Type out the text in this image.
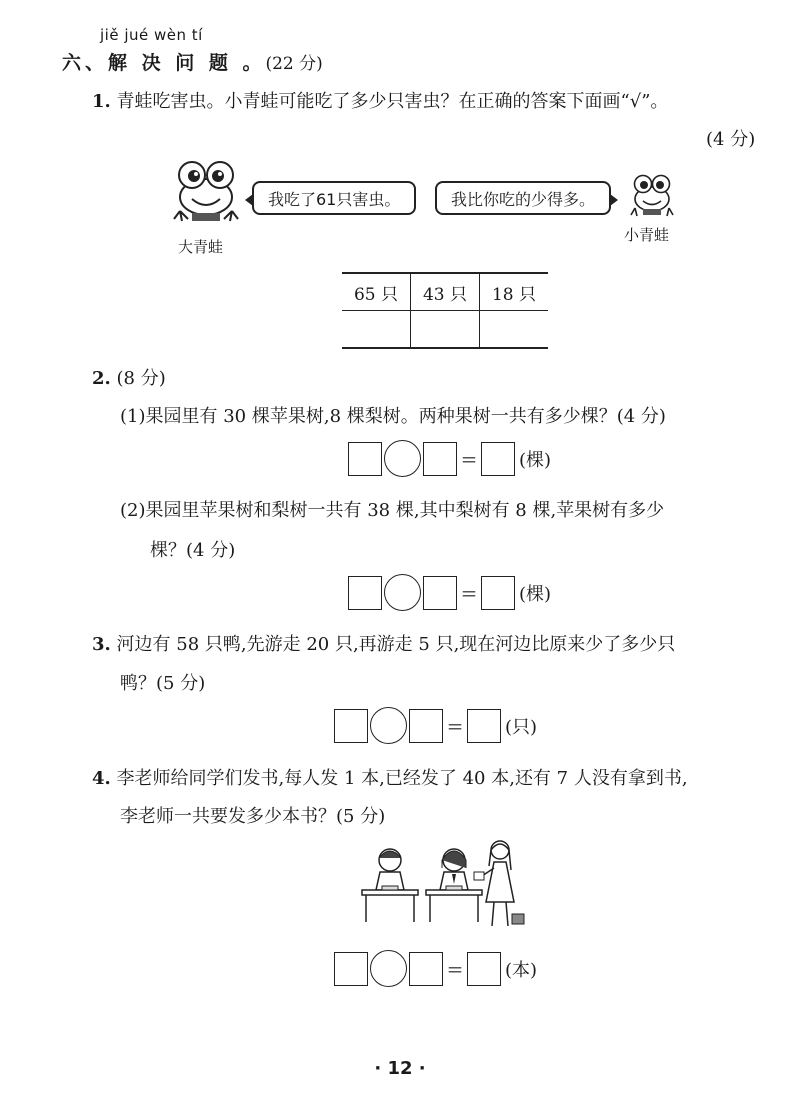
jiě jué wèn tí
六、解 决 问 题 。(22 分)
1. 青蛙吃害虫。小青蛙可能吃了多少只害虫？在正确的答案下面画“√”。
(4 分)
大青蛙
我吃了61只害虫。	我比你吃的少得多。
小青蛙
65 只	43 只	18 只

2. (8 分)
(1)果园里有 30 棵苹果树,8 棵梨树。两种果树一共有多少棵？(4 分)
= (棵)
(2)果园里苹果树和梨树一共有 38 棵,其中梨树有 8 棵,苹果树有多少
棵？(4 分)
= (棵)
3. 河边有 58 只鸭,先游走 20 只,再游走 5 只,现在河边比原来少了多少只
鸭？(5 分)
= (只)
4. 李老师给同学们发书,每人发 1 本,已经发了 40 本,还有 7 人没有拿到书,
李老师一共要发多少本书？(5 分)
= (本)
· 12 ·
